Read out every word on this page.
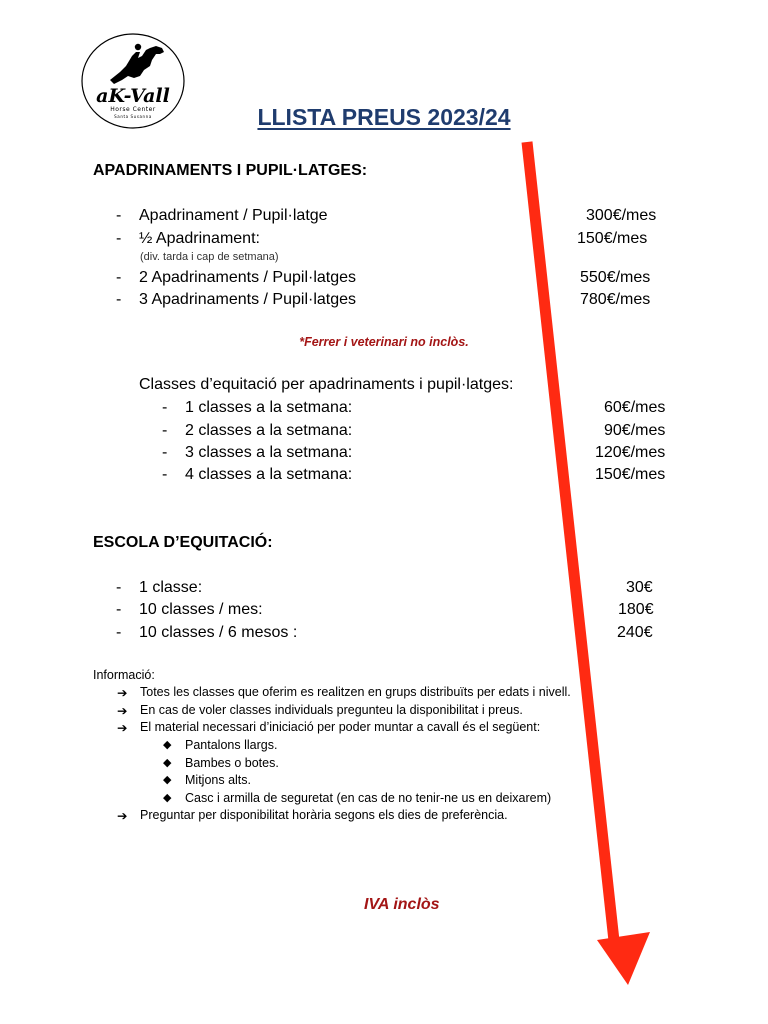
aK-Vall
Horse Center
Santa Susanna	LLISTA PREUS 2023/24
APADRINAMENTS I PUPIL·LATGES:
- Apadrinament / Pupil·latge	300€/mes
- ½ Apadrinament:	150€/mes
(div. tarda i cap de setmana)
- 2 Apadrinaments / Pupil·latges	550€/mes
- 3 Apadrinaments / Pupil·latges	780€/mes
*Ferrer i veterinari no inclòs.
Classes d’equitació per apadrinaments i pupil·latges:
- 1 classes a la setmana:	60€/mes
- 2 classes a la setmana:	90€/mes
- 3 classes a la setmana:	120€/mes
- 4 classes a la setmana:	150€/mes
ESCOLA D’EQUITACIÓ:
- 1 classe:	30€
- 10 classes / mes:	180€
- 10 classes / 6 mesos :	240€
Informació:
➔ Totes les classes que oferim es realitzen en grups distribuïts per edats i nivell.
➔ En cas de voler classes individuals pregunteu la disponibilitat i preus.
➔ El material necessari d’iniciació per poder muntar a cavall és el següent:
◆ Pantalons llargs.
◆ Bambes o botes.
◆ Mitjons alts.
◆ Casc i armilla de seguretat (en cas de no tenir-ne us en deixarem)
➔ Preguntar per disponibilitat horària segons els dies de preferència.
IVA inclòs
